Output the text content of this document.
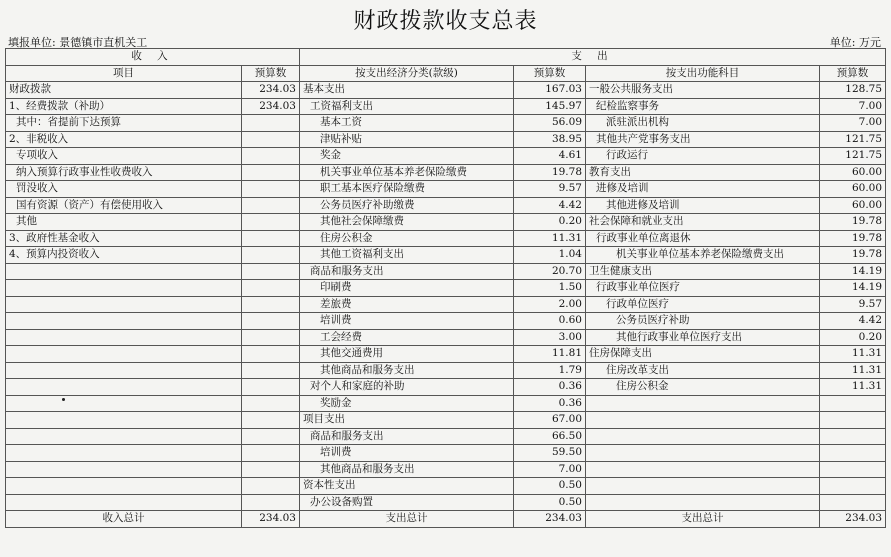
财政拨款收支总表
填报单位: 景德镇市直机关工	单位: 万元
收 入		支 出			
项目	预算数	按支出经济分类(款级)	预算数	按支出功能科目	预算数
财政拨款	234.03	基本支出	167.03	一般公共服务支出	128.75
1、经费拨款（补助）	234.03	工资福利支出	145.97	纪检监察事务	7.00
其中：省提前下达预算		基本工资	56.09	派驻派出机构	7.00
2、非税收入		津贴补贴	38.95	其他共产党事务支出	121.75
专项收入		奖金	4.61	行政运行	121.75
纳入预算行政事业性收费收入		机关事业单位基本养老保险缴费	19.78	教育支出	60.00
罚没收入		职工基本医疗保险缴费	9.57	进修及培训	60.00
国有资源（资产）有偿使用收入		公务员医疗补助缴费	4.42	其他进修及培训	60.00
其他		其他社会保障缴费	0.20	社会保障和就业支出	19.78
3、政府性基金收入		住房公积金	11.31	行政事业单位离退休	19.78
4、预算内投资收入		其他工资福利支出	1.04	机关事业单位基本养老保险缴费支出	19.78
		商品和服务支出	20.70	卫生健康支出	14.19
		印刷费	1.50	行政事业单位医疗	14.19
		差旅费	2.00	行政单位医疗	9.57
		培训费	0.60	公务员医疗补助	4.42
		工会经费	3.00	其他行政事业单位医疗支出	0.20
		其他交通费用	11.81	住房保障支出	11.31
		其他商品和服务支出	1.79	住房改革支出	11.31
		对个人和家庭的补助	0.36	住房公积金	11.31
		奖励金	0.36		
		项目支出	67.00		
		商品和服务支出	66.50		
		培训费	59.50		
		其他商品和服务支出	7.00		
		资本性支出	0.50		
		办公设备购置	0.50		
收入总计	234.03	支出总计	234.03	支出总计	234.03
